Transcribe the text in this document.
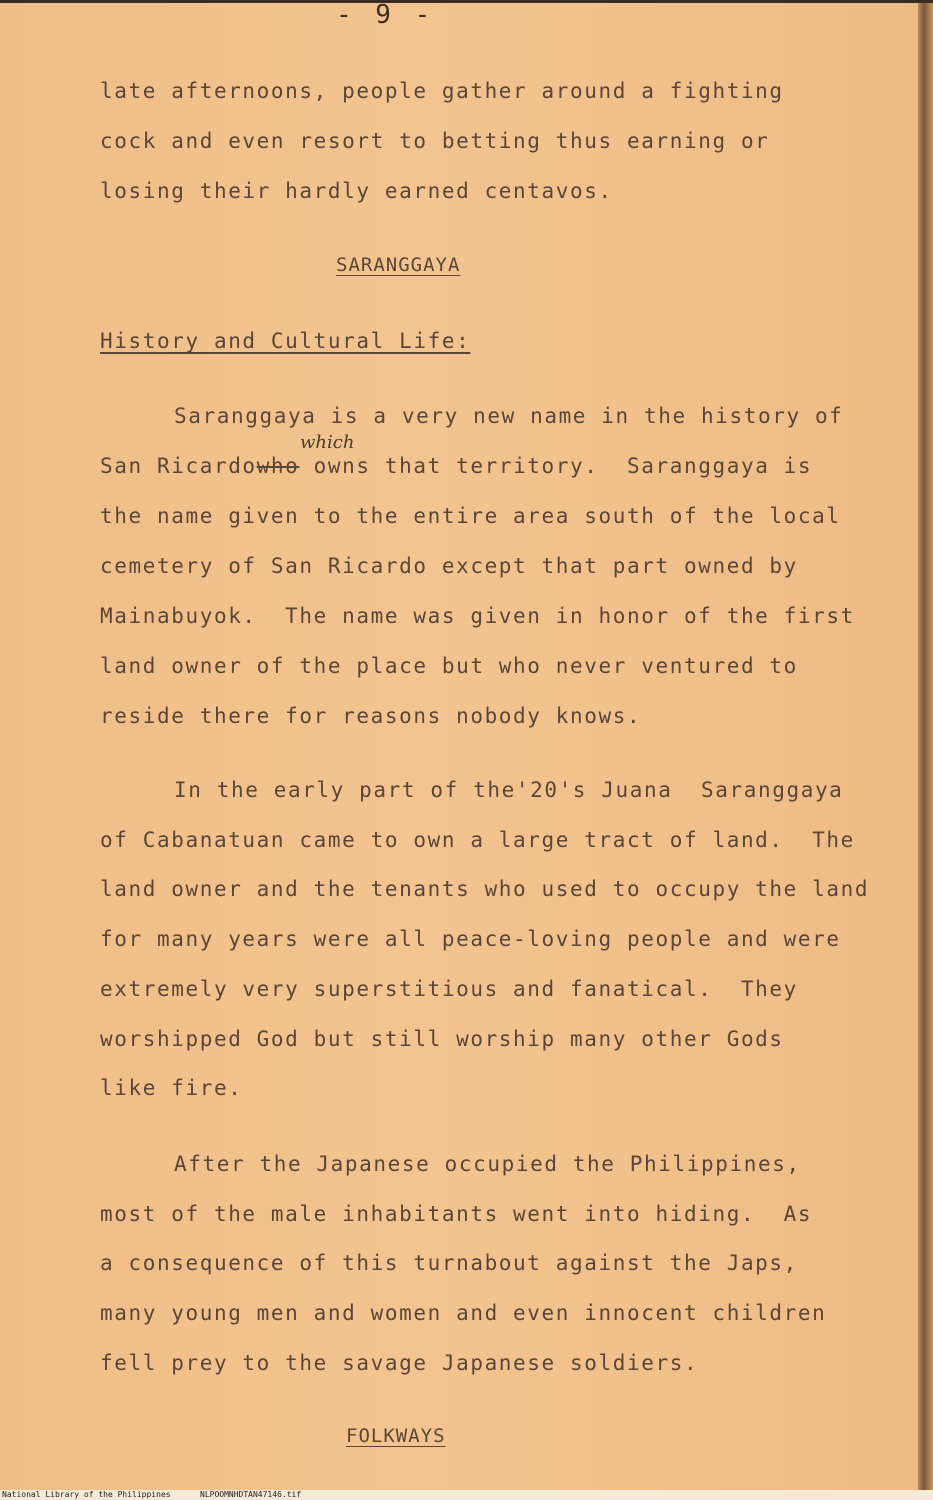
- 9 -
late afternoons, people gather around a fighting
cock and even resort to betting thus earning or
losing their hardly earned centavos.
SARANGGAYA
History and Cultural Life:
Saranggaya is a very new name in the history of
San Ricardowho owns that territory.  Saranggaya is
which
the name given to the entire area south of the local
cemetery of San Ricardo except that part owned by
Mainabuyok.  The name was given in honor of the first
land owner of the place but who never ventured to
reside there for reasons nobody knows.
In the early part of the'20's Juana  Saranggaya
of Cabanatuan came to own a large tract of land.  The
land owner and the tenants who used to occupy the land
for many years were all peace-loving people and were
extremely very superstitious and fanatical.  They
worshipped God but still worship many other Gods
like fire.
After the Japanese occupied the Philippines,
most of the male inhabitants went into hiding.  As
a consequence of this turnabout against the Japs,
many young men and women and even innocent children
fell prey to the savage Japanese soldiers.
FOLKWAYS
National Library of the Philippines	NLPOOMNHDTAN47146.tif
